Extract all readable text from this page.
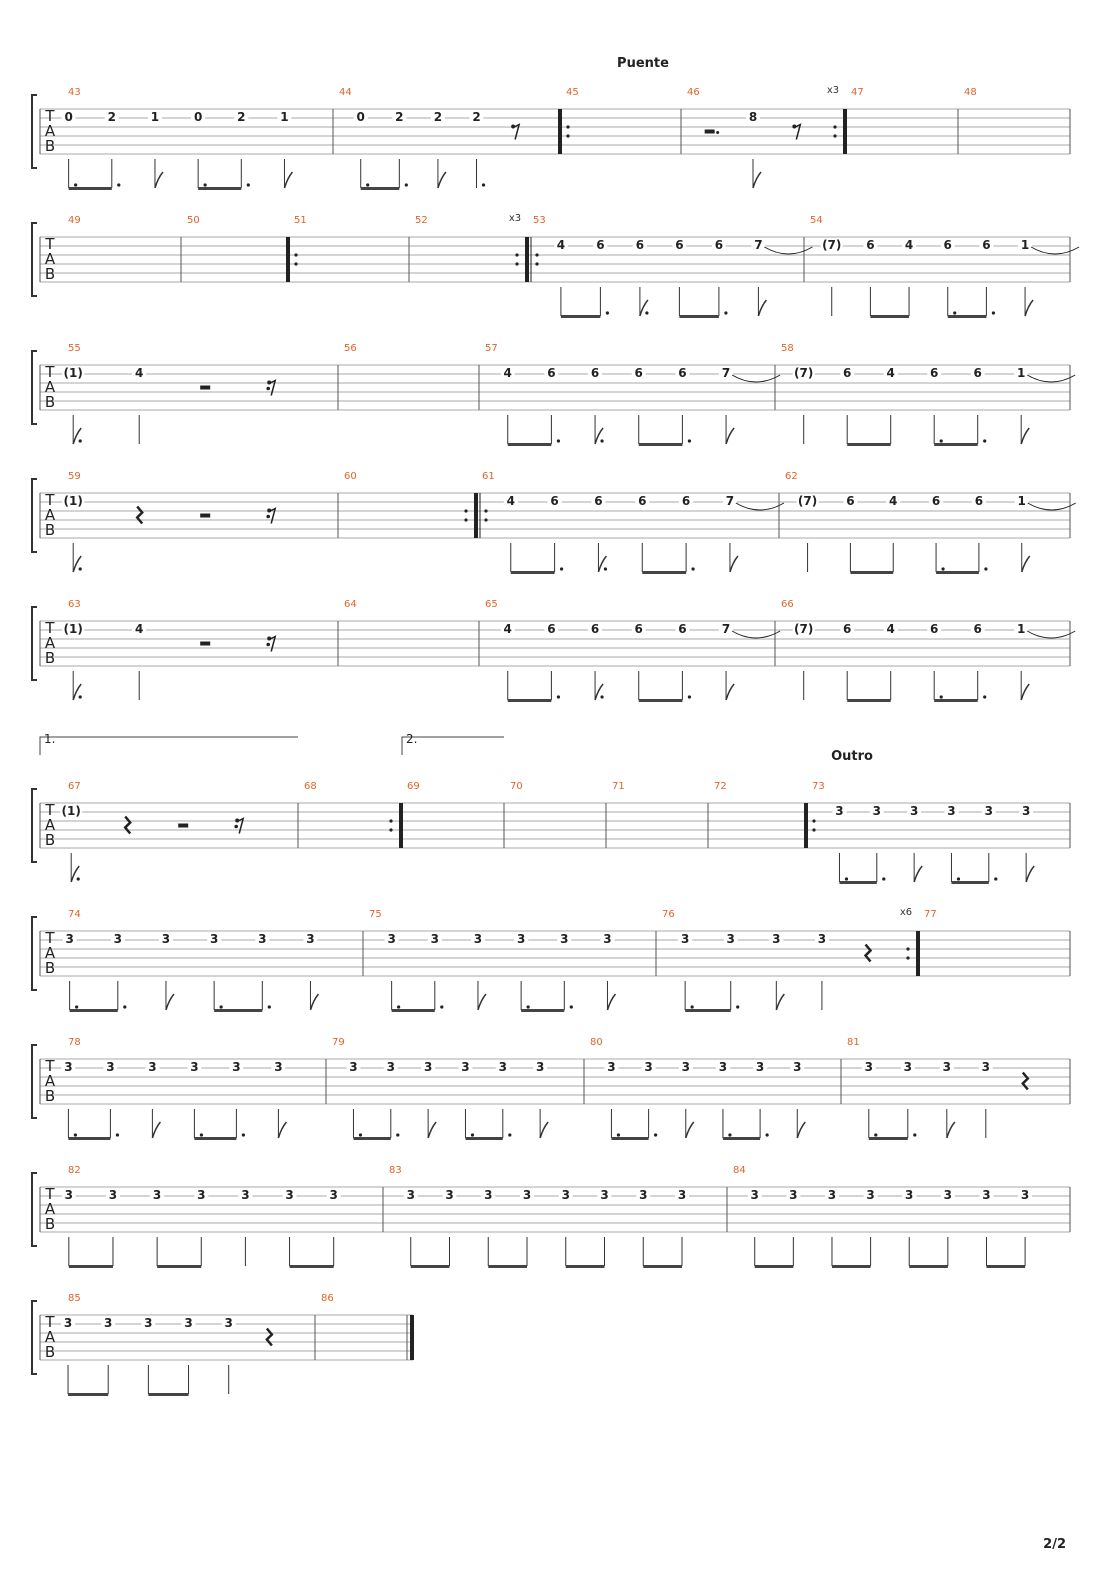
T
A
B
43
0	2	1	0	2	1
44
0	2	2	2
45	46
8
47
x3	48
T
A
B
49	50	51	52	53
x3
4	6	6	6	6	7
54
(7) 6	4	6	6	1
T
A
B
55
(1)	4
56	57
4	6	6	6	6	7
58
(7) 6	4	6	6	1
T
A
B
59
(1)
60	61
4	6	6	6	6	7
62
(7) 6	4	6	6	1
T
A
B
63
(1)	4
64	65
4	6	6	6	6	7
66
(7) 6	4	6	6	1
T
A
B
67
(1)
68	69	70	71	72	73
3 3 3 3 3 3
T
A
B
74
3	3	3	3	3	3
75
3	3	3	3	3	3
76
3	3	3	3
77
x6
T
A
B
78
3	3	3	3	3	3
79
3 3 3 3 3 3
80
3 3 3 3 3 3
81
3	3	3	3
T
A
B
82
3	3	3	3	3	3	3
83
3	3	3	3	3	3	3	3
84
3	3	3	3	3	3	3	3
T
A
B
85
3	3	3	3	3
86
Puente
Outro
1.	2.
2/2
